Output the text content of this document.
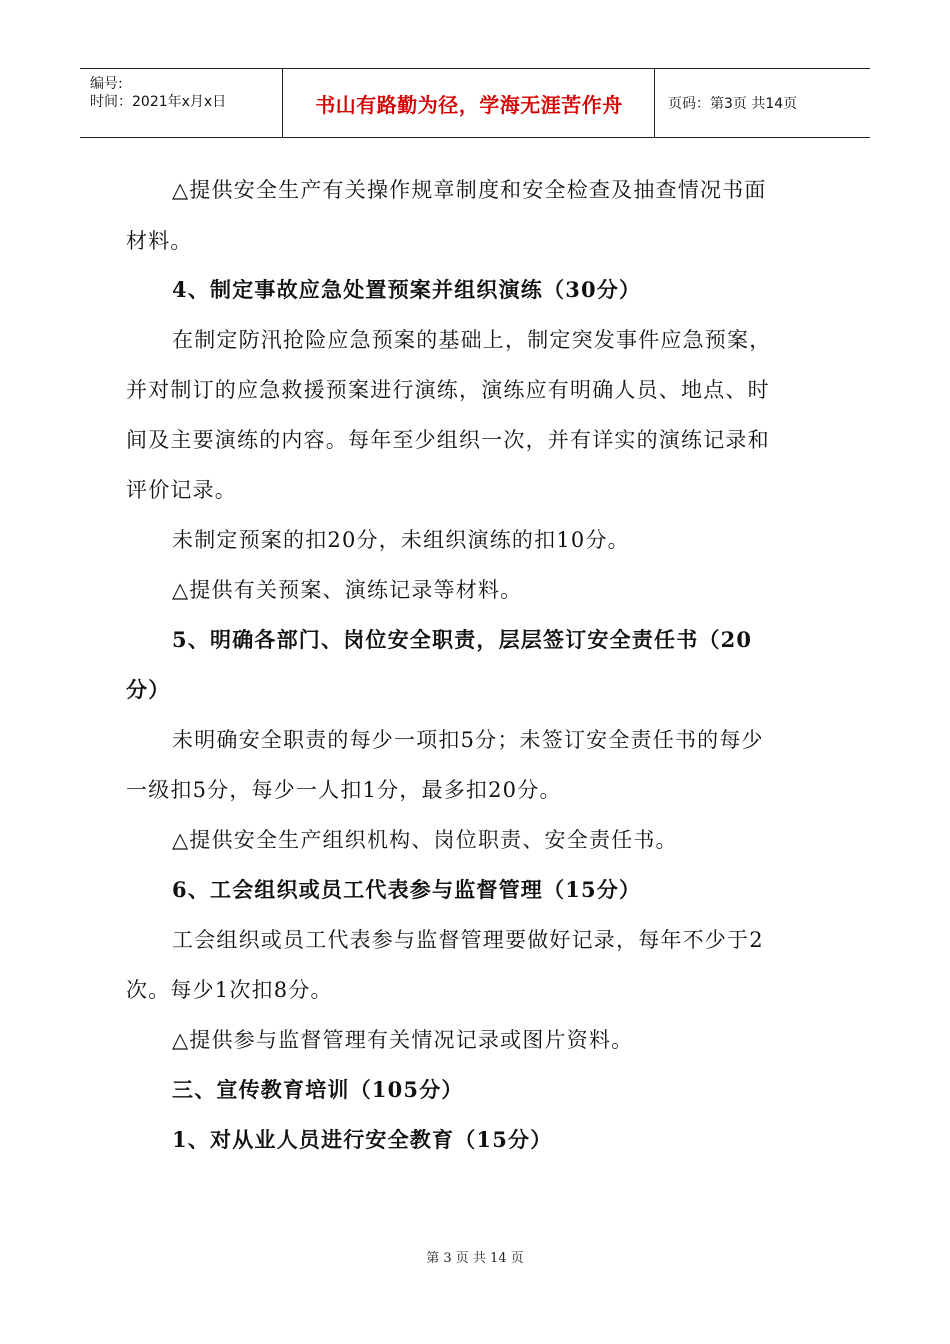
编号:
时间：2021年x月x日	书山有路勤为径，学海无涯苦作舟	页码：第3页 共14页
△提供安全生产有关操作规章制度和安全检查及抽查情况书面
材料。
4、制定事故应急处置预案并组织演练（30分）
在制定防汛抢险应急预案的基础上，制定突发事件应急预案，
并对制订的应急救援预案进行演练，演练应有明确人员、地点、时
间及主要演练的内容。每年至少组织一次，并有详实的演练记录和
评价记录。
未制定预案的扣20分，未组织演练的扣10分。
△提供有关预案、演练记录等材料。
5、明确各部门、岗位安全职责，层层签订安全责任书（20
分）
未明确安全职责的每少一项扣5分；未签订安全责任书的每少
一级扣5分，每少一人扣1分，最多扣20分。
△提供安全生产组织机构、岗位职责、安全责任书。
6、工会组织或员工代表参与监督管理（15分）
工会组织或员工代表参与监督管理要做好记录，每年不少于2
次。每少1次扣8分。
△提供参与监督管理有关情况记录或图片资料。
三、宣传教育培训（105分）
1、对从业人员进行安全教育（15分）
第 3 页 共 14 页
